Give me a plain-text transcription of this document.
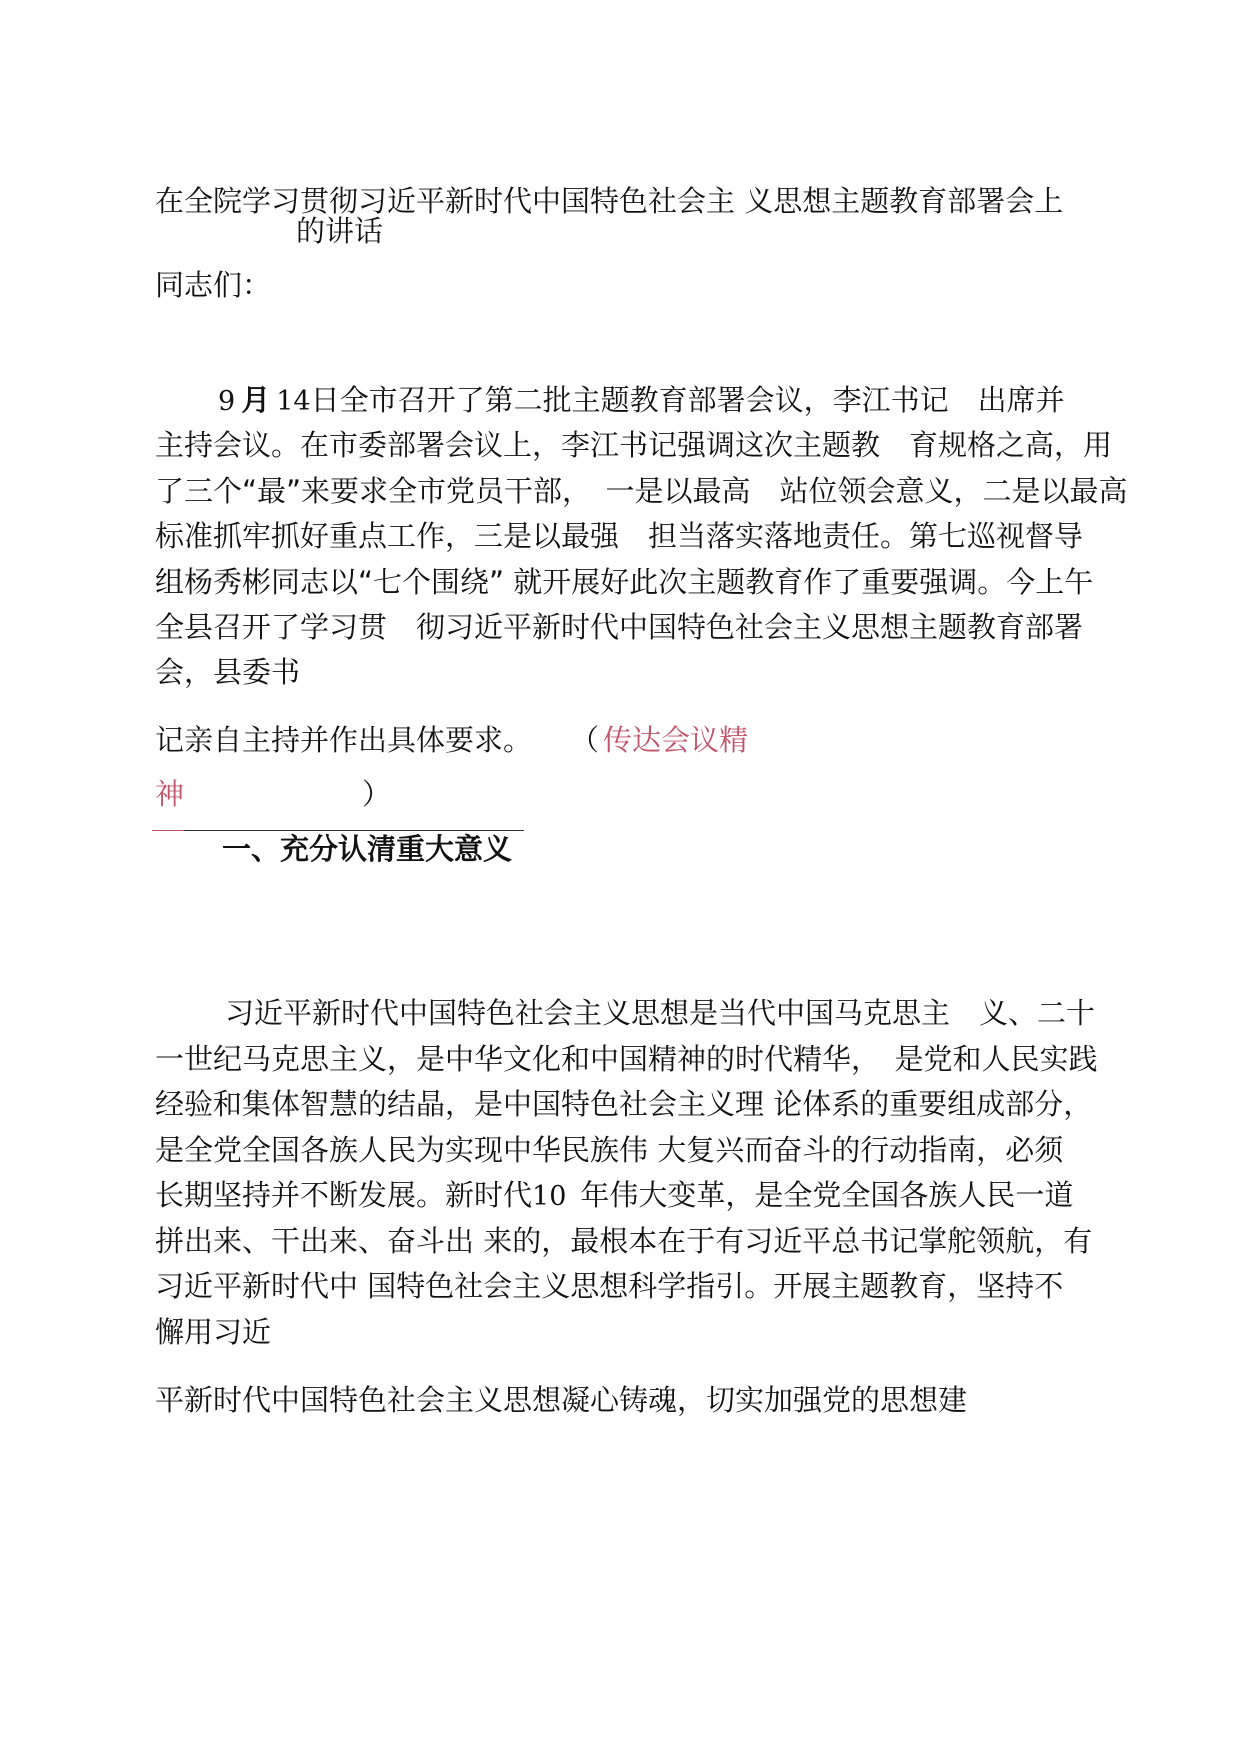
在全院学习贯彻习近平新时代中国特色社会主 义思想主题教育部署会上
的讲话
同志们：
9 月 14日全市召开了第二批主题教育部署会议，李江书记　出席并
主持会议。在市委部署会议上，李江书记强调这次主题教　育规格之高，用
了三个“最”来要求全市党员干部，　一是以最高　站位领会意义，二是以最高
标准抓牢抓好重点工作，三是以最强　担当落实落地责任。第七巡视督导
组杨秀彬同志以“七个围绕” 就开展好此次主题教育作了重要强调。今上午
全县召开了学习贯　彻习近平新时代中国特色社会主义思想主题教育部署
会，县委书
记亲自主持并作出具体要求。 （ 传达会议精
神	）
一、充分认清重大意义
习近平新时代中国特色社会主义思想是当代中国马克思主　义、二十
一世纪马克思主义，是中华文化和中国精神的时代精华，　是党和人民实践
经验和集体智慧的结晶，是中国特色社会主义理 论体系的重要组成部分，
是全党全国各族人民为实现中华民族伟 大复兴而奋斗的行动指南，必须
长期坚持并不断发展。新时代10 年伟大变革，是全党全国各族人民一道
拼出来、干出来、奋斗出 来的，最根本在于有习近平总书记掌舵领航，有
习近平新时代中 国特色社会主义思想科学指引。开展主题教育，坚持不
懈用习近
平新时代中国特色社会主义思想凝心铸魂，切实加强党的思想建
